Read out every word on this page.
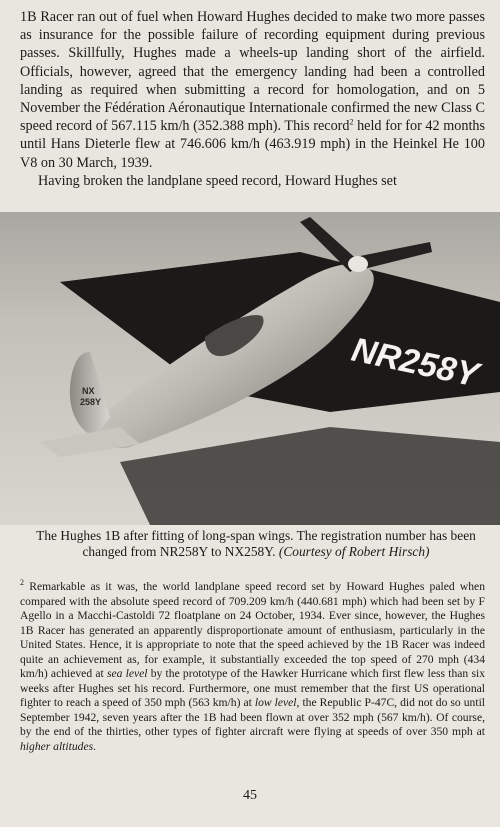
1B Racer ran out of fuel when Howard Hughes decided to make two more passes as insurance for the possible failure of recording equipment during previous passes. Skillfully, Hughes made a wheels-up landing short of the airfield. Officials, however, agreed that the emergency landing had been a controlled landing as required when submitting a record for homologation, and on 5 November the Fédération Aéronautique Internationale confirmed the new Class C speed record of 567.115 km/h (352.388 mph). This record$^2$ held for for 42 months until Hans Dieterle flew at 746.606 km/h (463.919 mph) in the Heinkel He 100 V8 on 30 March, 1939.

Having broken the landplane speed record, Howard Hughes set

NR258Y
NX
258Y

The Hughes 1B after fitting of long-span wings. The registration number has been changed from NR258Y to NX258Y. (Courtesy of Robert Hirsch)

$^2$ Remarkable as it was, the world landplane speed record set by Howard Hughes paled when compared with the absolute speed record of 709.209 km/h (440.681 mph) which had been set by F Agello in a Macchi-Castoldi 72 floatplane on 24 October, 1934. Ever since, however, the Hughes 1B Racer has generated an apparently disproportionate amount of enthusiasm, particularly in the United States. Hence, it is appropriate to note that the speed achieved by the 1B Racer was indeed quite an achievement as, for example, it substantially exceeded the top speed of 270 mph (434 km/h) achieved at sea level by the prototype of the Hawker Hurricane which first flew less than six weeks after Hughes set his record. Furthermore, one must remember that the first US operational fighter to reach a speed of 350 mph (563 km/h) at low level, the Republic P-47C, did not do so until September 1942, seven years after the 1B had been flown at over 352 mph (567 km/h). Of course, by the end of the thirties, other types of fighter aircraft were flying at speeds of over 350 mph at higher altitudes.

45
